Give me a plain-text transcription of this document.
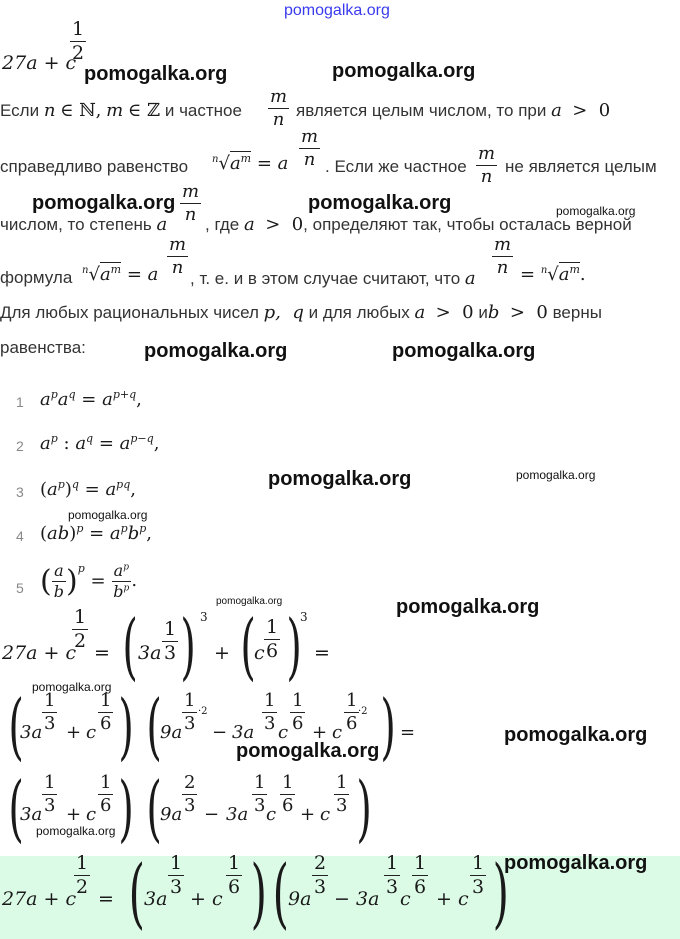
pomogalka.org
27a + c
$\frac{1}{2}$
pomogalka.org	pomogalka.org
Если n ∈ ℕ, m ∈ ℤ и частное $\frac{m}{n}$ является целым числом, то при a  >  0
справедливо равенство $^n√a^m = a \frac{m}{n}$ . Если же частное $\frac{m}{n}$ не является целым
pomogalka.org	pomogalka.org	pomogalka.org
числом, то степень a
$\frac{m}{n}$
, где a  >  0, определяют так, чтобы осталась верной
формула $^n√a^m = a \frac{m}{n}$
, т. е. и в этом случае считают, что a
$\frac{m}{n} = ^n√a^m$.
Для любых рациональных чисел p,  q и для любых a  >  0 иb  >  0 верны
равенства:	pomogalka.org	pomogalka.org
1 $a^pa^q = a^{p+q}$,
2 $a^p$ : $a^q = a^{p-q}$,
3 $(a^p)^q = a^{pq}$,	pomogalka.org	pomogalka.org
pomogalka.org
4 $(ab)^p = a^pb^p$,
5 ( $\frac{a}{b} )^p = \frac{a^p}{b^p}$ .
pomogalka.org	pomogalka.org
27a + c
$\frac{1}{2}$
= ( $3a \frac{1}{3}$ ) 3
+ (
c $\frac{1}{6}$ )
3
=
pomogalka.org
(
$3a \frac{1}{3} + c \frac{1}{6}$ ) (
$9a \frac{1}{3} \cdot 2$
− $3a \frac{1}{3}$ c $\frac{1}{6} + c \frac{1}{6}$
·2 ) =
pomogalka.org
pomogalka.org
(
$3a \frac{1}{3} + c \frac{1}{6}$ ) (
$9a \frac{2}{3} - 3a \frac{1}{3}$
c $\frac{1}{6} + c \frac{1}{3}$ )
pomogalka.org
27a + c
$\frac{1}{2}$
= ( 3a
$\frac{1}{3}$
+ c
$\frac{1}{6}$ ) ( 9a
$\frac{2}{3}$
− 3a
$\frac{1}{3}$
c
$\frac{1}{6}$
+ c
$\frac{1}{3}$ )
pomogalka.org
